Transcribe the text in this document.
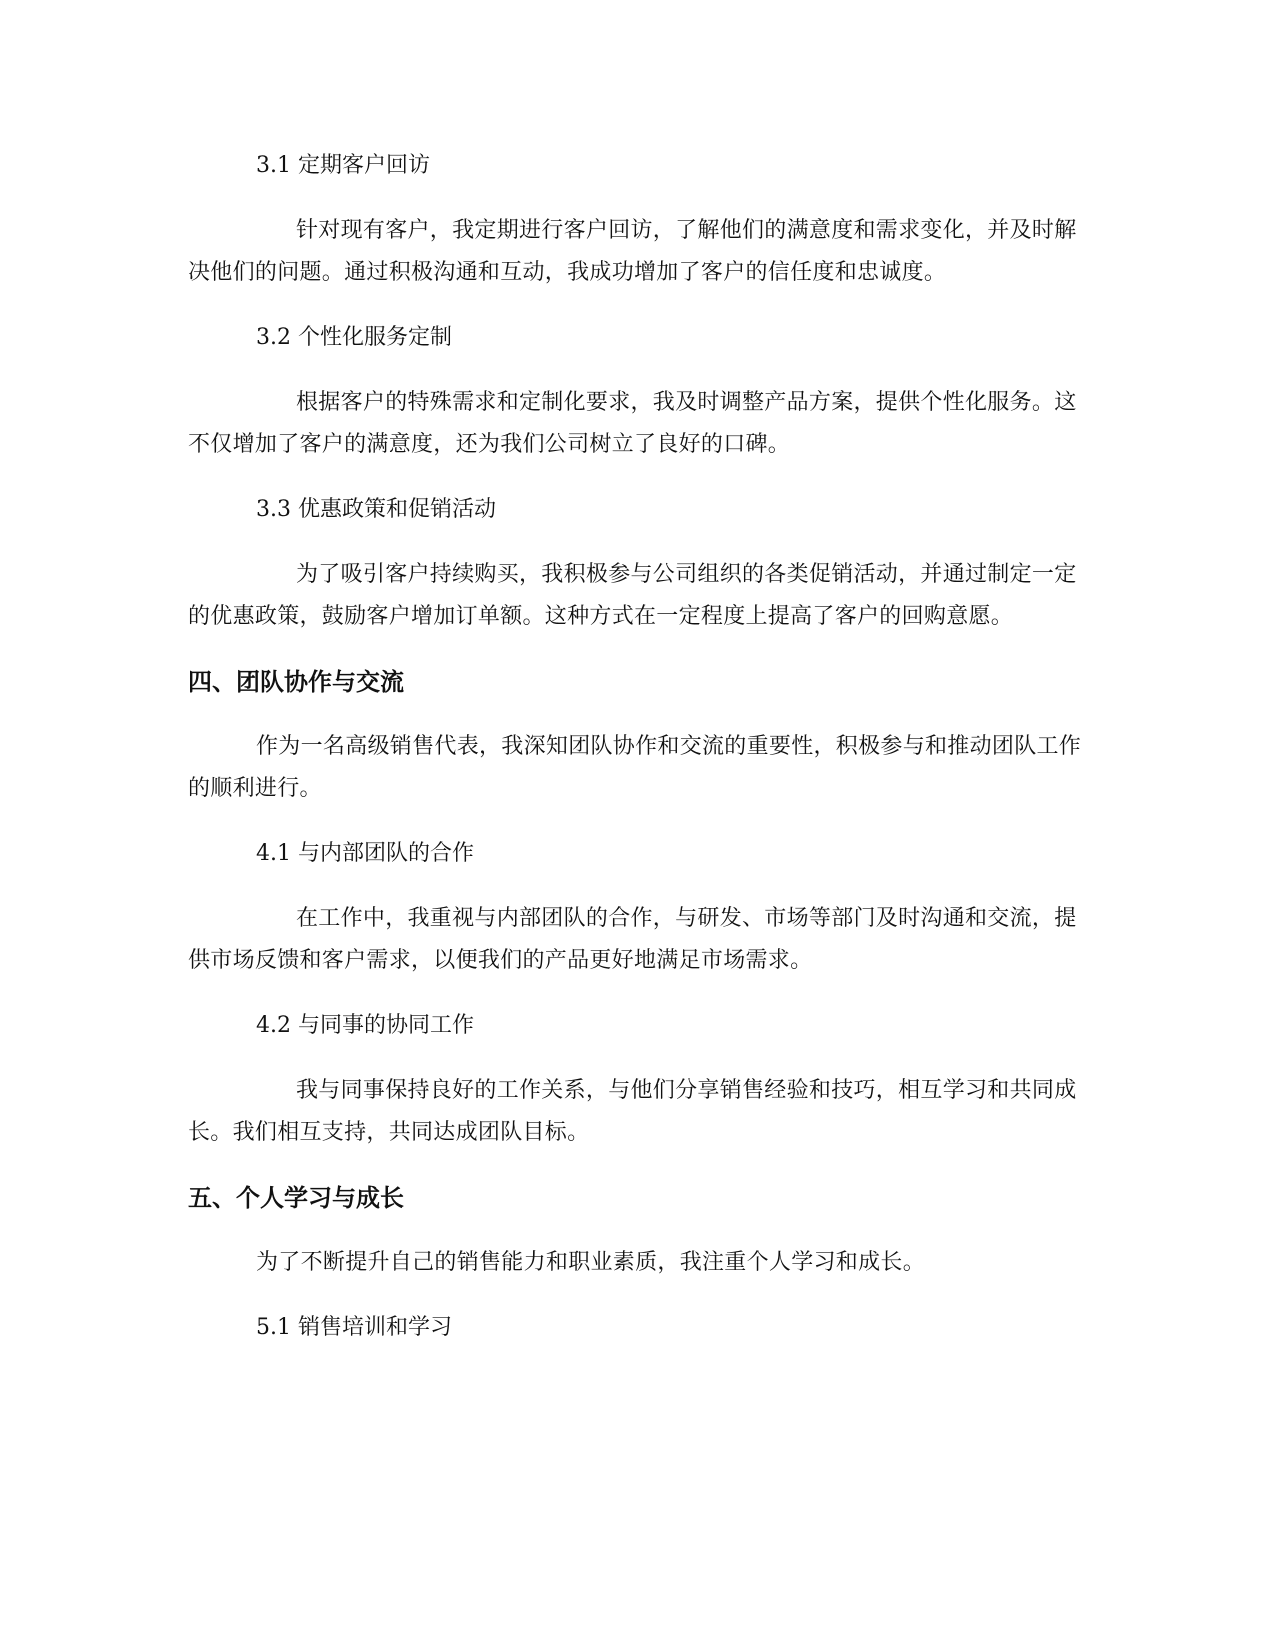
3.1 定期客户回访
针对现有客户，我定期进行客户回访，了解他们的满意度和需求变化，并及时解决他们的问题。通过积极沟通和互动，我成功增加了客户的信任度和忠诚度。
3.2 个性化服务定制
根据客户的特殊需求和定制化要求，我及时调整产品方案，提供个性化服务。这不仅增加了客户的满意度，还为我们公司树立了良好的口碑。
3.3 优惠政策和促销活动
为了吸引客户持续购买，我积极参与公司组织的各类促销活动，并通过制定一定的优惠政策，鼓励客户增加订单额。这种方式在一定程度上提高了客户的回购意愿。
四、团队协作与交流
作为一名高级销售代表，我深知团队协作和交流的重要性，积极参与和推动团队工作的顺利进行。
4.1 与内部团队的合作
在工作中，我重视与内部团队的合作，与研发、市场等部门及时沟通和交流，提供市场反馈和客户需求，以便我们的产品更好地满足市场需求。
4.2 与同事的协同工作
我与同事保持良好的工作关系，与他们分享销售经验和技巧，相互学习和共同成长。我们相互支持，共同达成团队目标。
五、个人学习与成长
为了不断提升自己的销售能力和职业素质，我注重个人学习和成长。
5.1 销售培训和学习
